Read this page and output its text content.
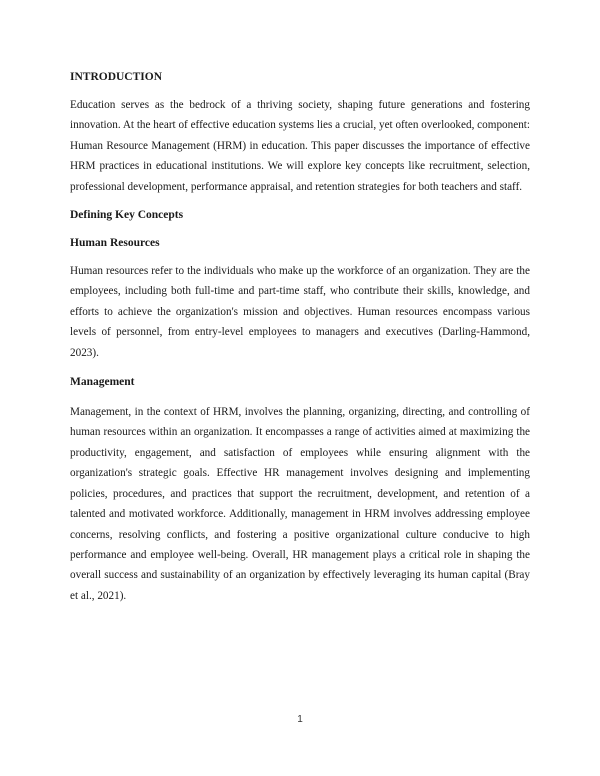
INTRODUCTION

Education serves as the bedrock of a thriving society, shaping future generations and fostering innovation. At the heart of effective education systems lies a crucial, yet often overlooked, component: Human Resource Management (HRM) in education. This paper discusses the importance of effective HRM practices in educational institutions. We will explore key concepts like recruitment, selection, professional development, performance appraisal, and retention strategies for both teachers and staff.

Defining Key Concepts
Human Resources

Human resources refer to the individuals who make up the workforce of an organization. They are the employees, including both full-time and part-time staff, who contribute their skills, knowledge, and efforts to achieve the organization's mission and objectives. Human resources encompass various levels of personnel, from entry-level employees to managers and executives (Darling-Hammond, 2023).

Management

Management, in the context of HRM, involves the planning, organizing, directing, and controlling of human resources within an organization. It encompasses a range of activities aimed at maximizing the productivity, engagement, and satisfaction of employees while ensuring alignment with the organization's strategic goals. Effective HR management involves designing and implementing policies, procedures, and practices that support the recruitment, development, and retention of a talented and motivated workforce. Additionally, management in HRM involves addressing employee concerns, resolving conflicts, and fostering a positive organizational culture conducive to high performance and employee well-being. Overall, HR management plays a critical role in shaping the overall success and sustainability of an organization by effectively leveraging its human capital (Bray et al., 2021).

1
